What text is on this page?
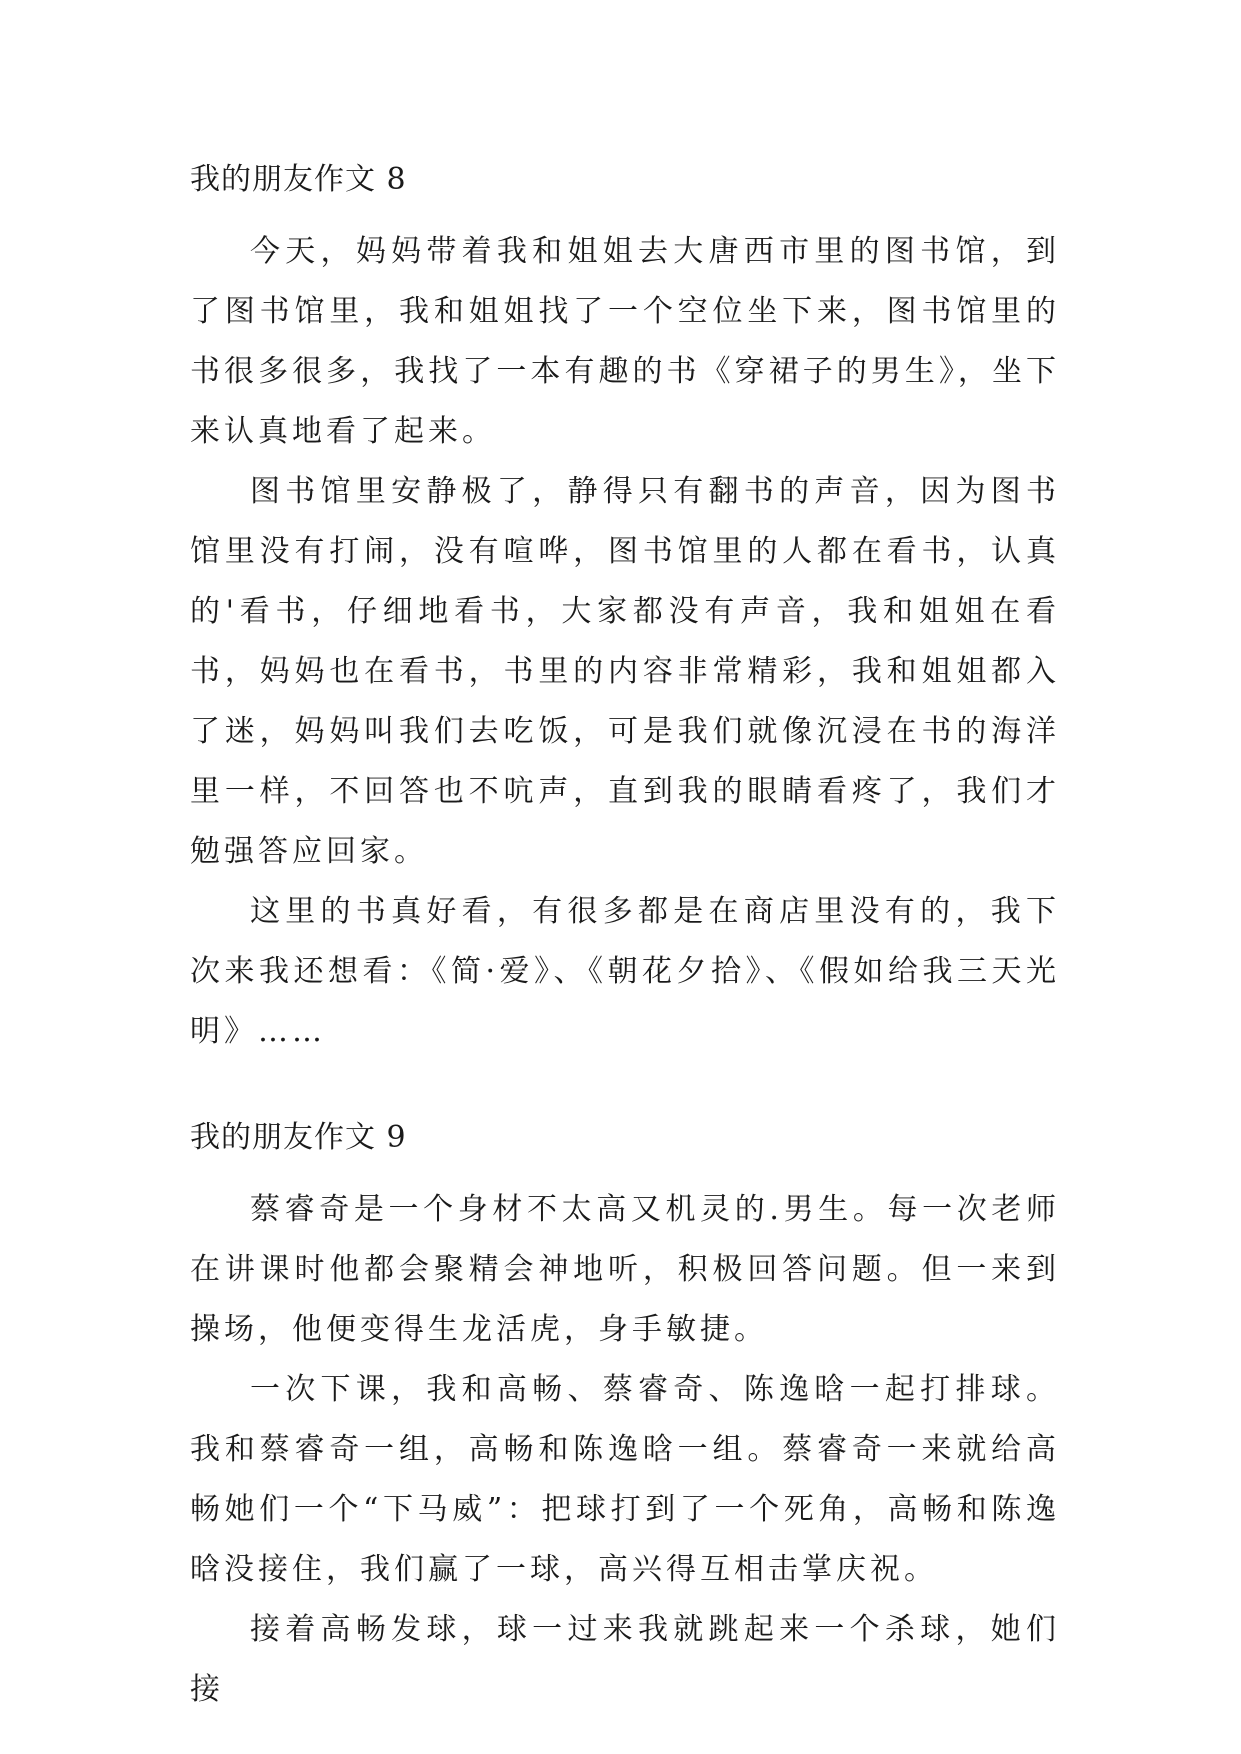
我的朋友作文 8

今天，妈妈带着我和姐姐去大唐西市里的图书馆，到了图书馆里，我和姐姐找了一个空位坐下来，图书馆里的书很多很多，我找了一本有趣的书《穿裙子的男生》，坐下来认真地看了起来。

图书馆里安静极了，静得只有翻书的声音，因为图书馆里没有打闹，没有喧哗，图书馆里的人都在看书，认真的'看书，仔细地看书，大家都没有声音，我和姐姐在看书，妈妈也在看书，书里的内容非常精彩，我和姐姐都入了迷，妈妈叫我们去吃饭，可是我们就像沉浸在书的海洋里一样，不回答也不吭声，直到我的眼睛看疼了，我们才勉强答应回家。

这里的书真好看，有很多都是在商店里没有的，我下次来我还想看：《简·爱》、《朝花夕拾》、《假如给我三天光明》……

我的朋友作文 9

蔡睿奇是一个身材不太高又机灵的.男生。每一次老师在讲课时他都会聚精会神地听，积极回答问题。但一来到操场，他便变得生龙活虎，身手敏捷。

一次下课，我和高畅、蔡睿奇、陈逸晗一起打排球。我和蔡睿奇一组，高畅和陈逸晗一组。蔡睿奇一来就给高畅她们一个“下马威”：把球打到了一个死角，高畅和陈逸晗没接住，我们赢了一球，高兴得互相击掌庆祝。

接着高畅发球，球一过来我就跳起来一个杀球，她们接
